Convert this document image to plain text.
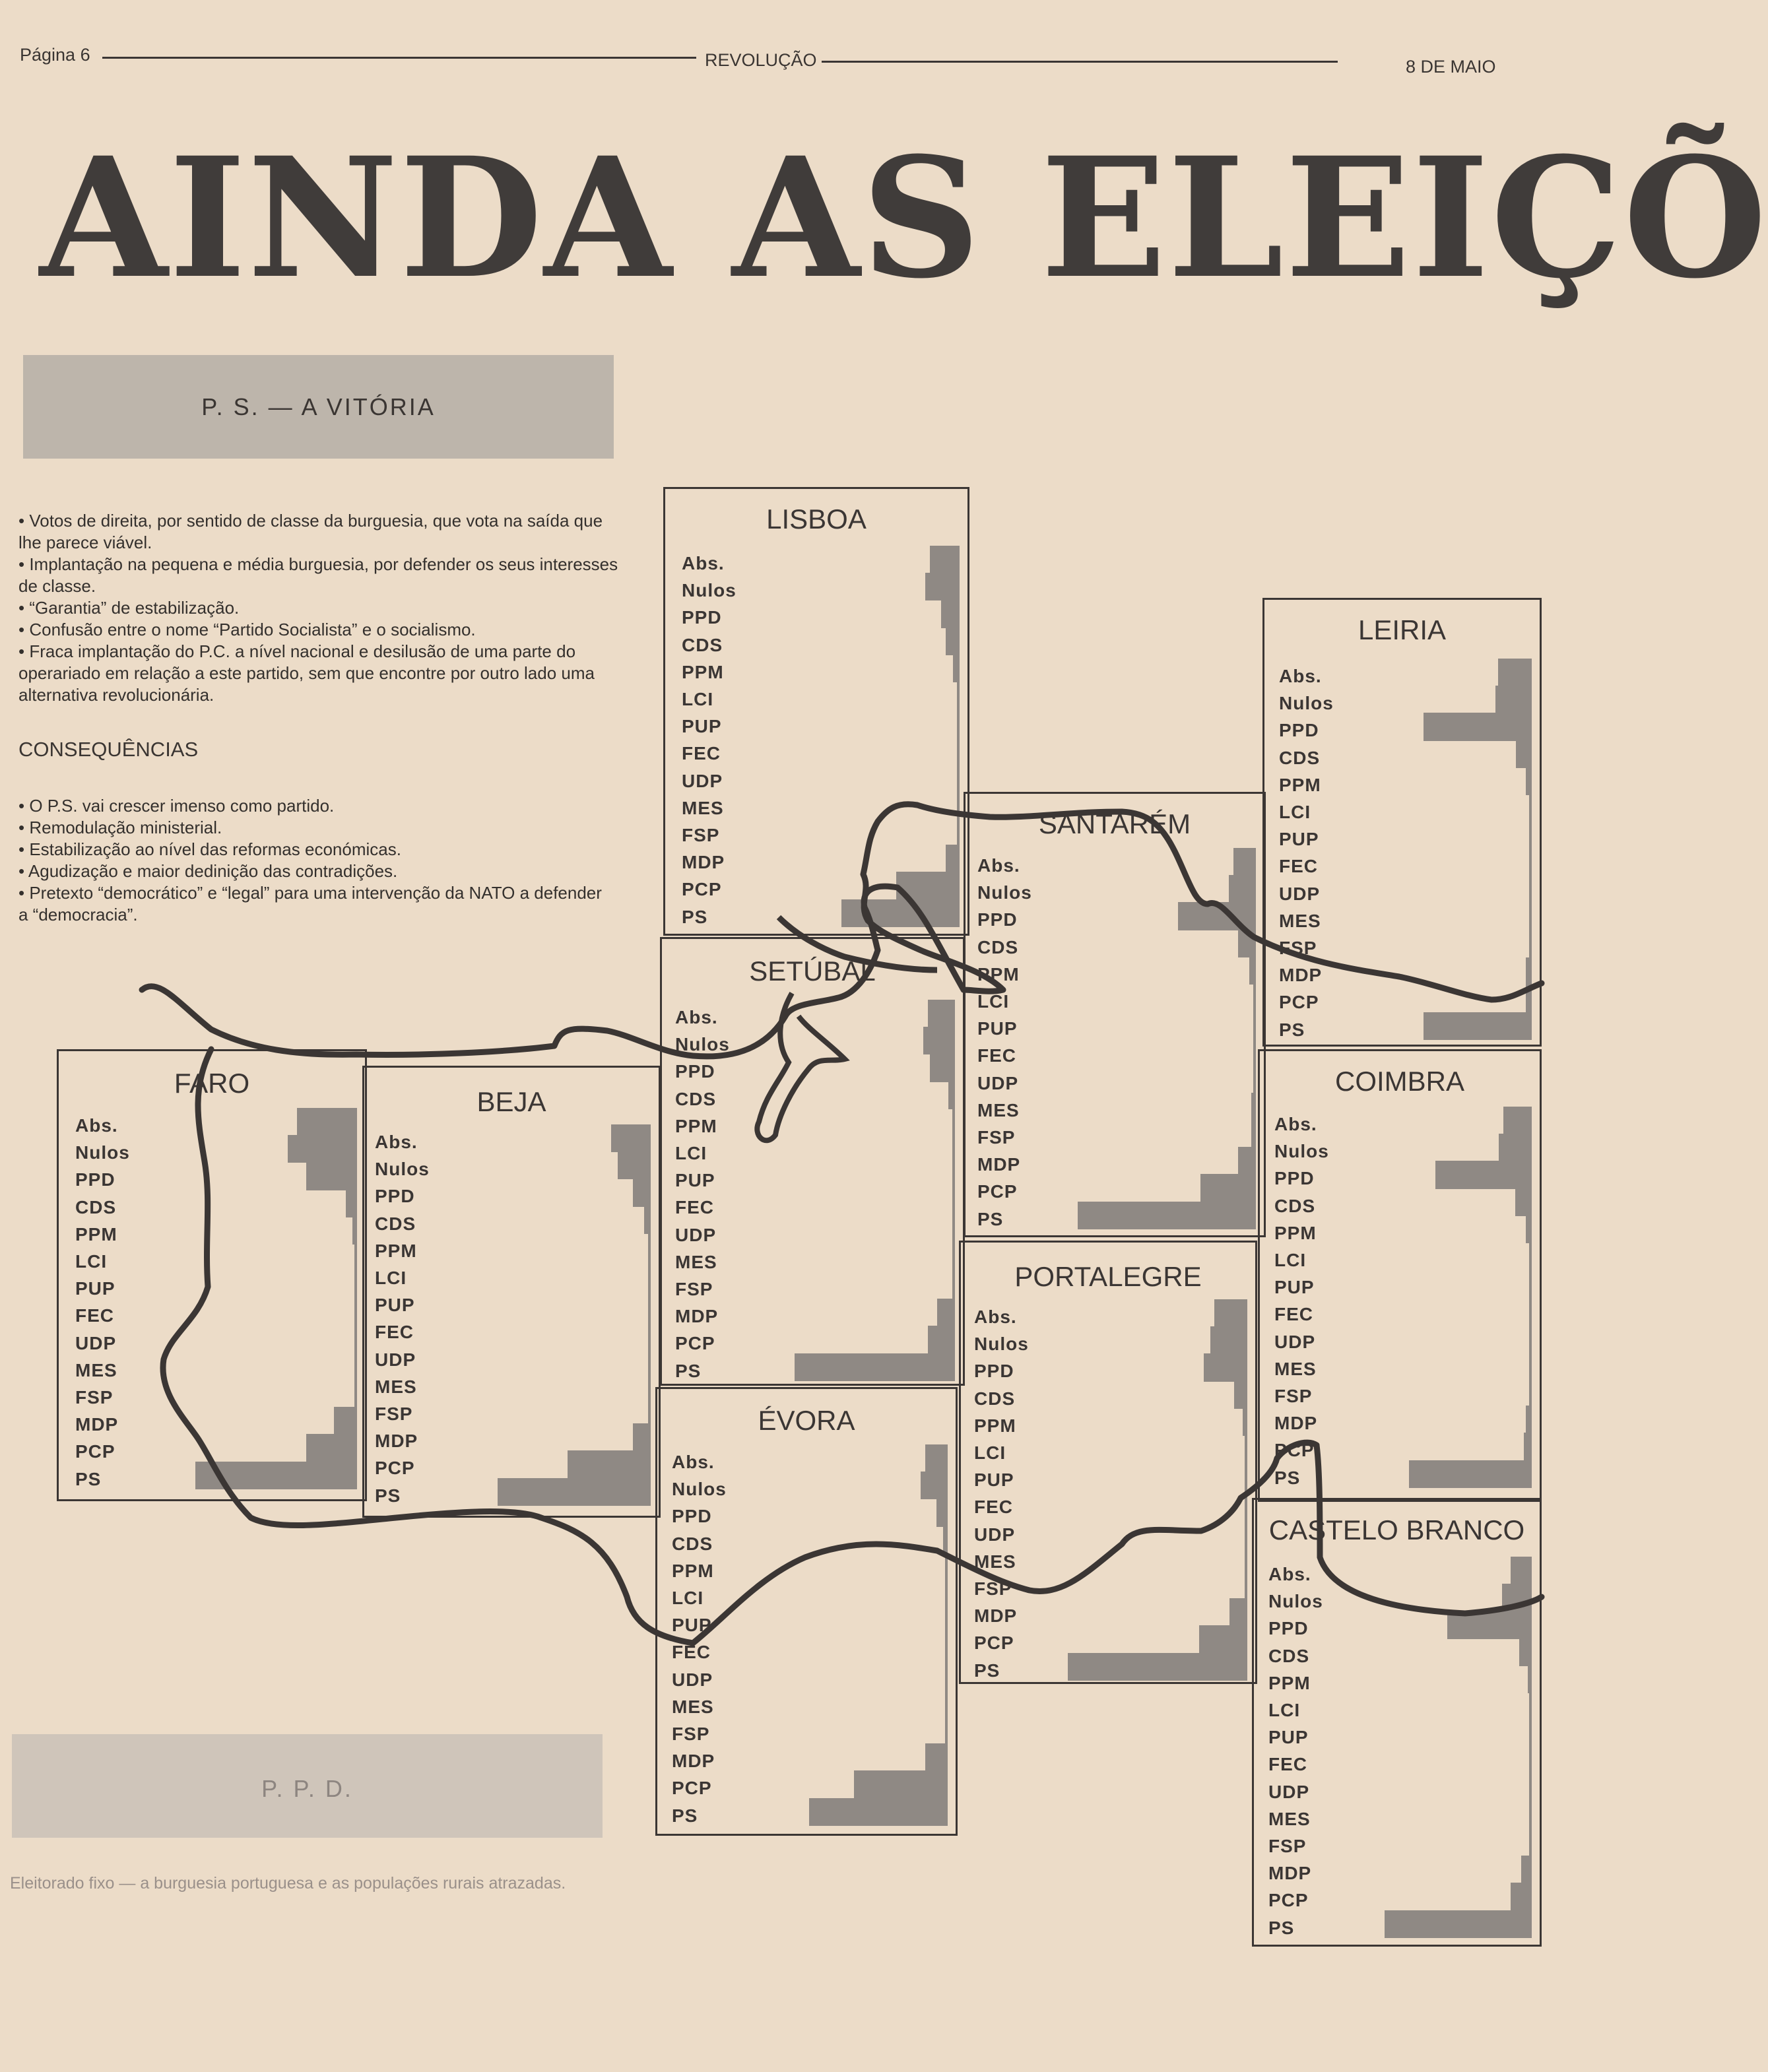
Página 6	REVOLUÇÃO	8 DE MAIO
AINDA AS ELEIÇÕ
P. S. — A VITÓRIA

• Votos de direita, por sentido de classe da burguesia, que vota na saída que lhe parece viável.

• Implantação na pequena e média burguesia, por defender os seus interesses de classe.

• “Garantia” de estabilização.

• Confusão entre o nome “Partido Socialista” e o socialismo.

• Fraca implantação do P.C. a nível nacional e desilusão de uma parte do operariado em relação a este partido, sem que encontre por outro lado uma alternativa revolucionária.

CONSEQUÊNCIAS

• O P.S. vai crescer imenso como partido.

• Remodulação ministerial.

• Estabilização ao nível das reformas económicas.

• Agudização e maior dedinição das contradições.

• Pretexto “democrático” e “legal” para uma intervenção da NATO a defender a “democracia”.

P. P. D.
Eleitorado fixo — a burguesia portuguesa e as populações rurais atrazadas.
LISBOA
Abs.
Nulos
PPD
CDS
PPM
LCI
PUP
FEC
UDP
MES
FSP
MDP
PCP
PS
LEIRIA
Abs.
Nulos
PPD
CDS
PPM
LCI
PUP
FEC
UDP
MES
FSP
MDP
PCP
PS
SANTARÉM
Abs.
Nulos
PPD
CDS
PPM
LCI
PUP
FEC
UDP
MES
FSP
MDP
PCP
PS
SETÚBAL
Abs.
Nulos
PPD
CDS
PPM
LCI
PUP
FEC
UDP
MES
FSP
MDP
PCP
PS
FARO
Abs.
Nulos
PPD
CDS
PPM
LCI
PUP
FEC
UDP
MES
FSP
MDP
PCP
PS
BEJA
Abs.
Nulos
PPD
CDS
PPM
LCI
PUP
FEC
UDP
MES
FSP
MDP
PCP
PS
COIMBRA
Abs.
Nulos
PPD
CDS
PPM
LCI
PUP
FEC
UDP
MES
FSP
MDP
PCP
PS
PORTALEGRE
Abs.
Nulos
PPD
CDS
PPM
LCI
PUP
FEC
UDP
MES
FSP
MDP
PCP
PS
ÉVORA
Abs.
Nulos
PPD
CDS
PPM
LCI
PUP
FEC
UDP
MES
FSP
MDP
PCP
PS
CASTELO BRANCO
Abs.
Nulos
PPD
CDS
PPM
LCI
PUP
FEC
UDP
MES
FSP
MDP
PCP
PS
